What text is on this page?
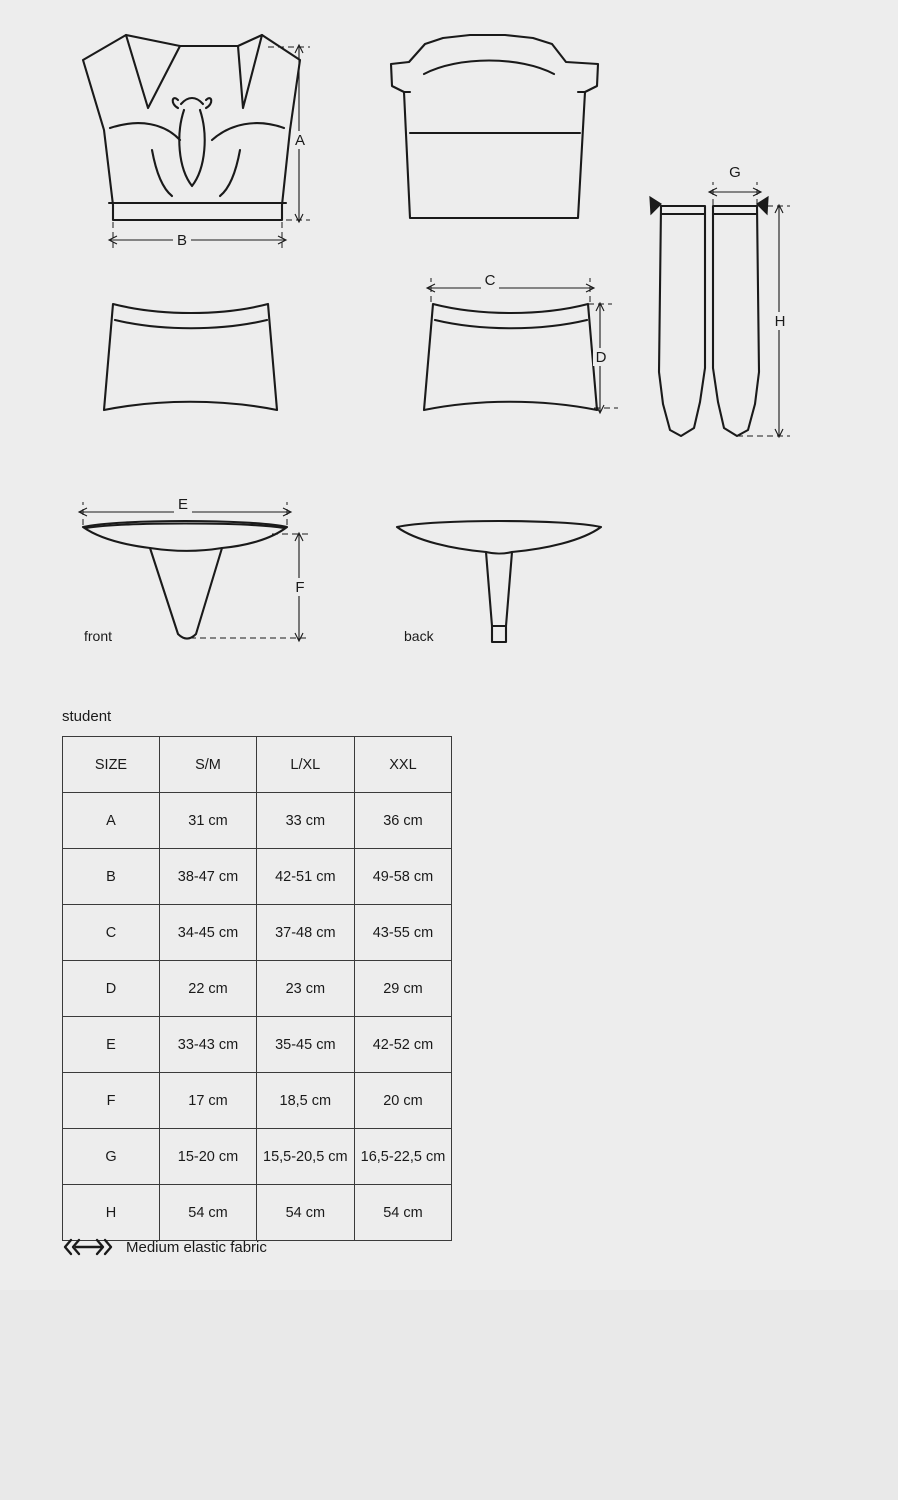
A
B
G
H
C
D
E
F
front	back
student
SIZE	S/M	L/XL	XXL
A	31 cm	33 cm	36 cm
B	38-47 cm	42-51 cm	49-58 cm
C	34-45 cm	37-48 cm	43-55 cm
D	22 cm	23 cm	29 cm
E	33-43 cm	35-45 cm	42-52 cm
F	17 cm	18,5 cm	20 cm
G	15-20 cm	15,5-20,5 cm	16,5-22,5 cm
H	54 cm	54 cm	54 cm
Medium elastic fabric
